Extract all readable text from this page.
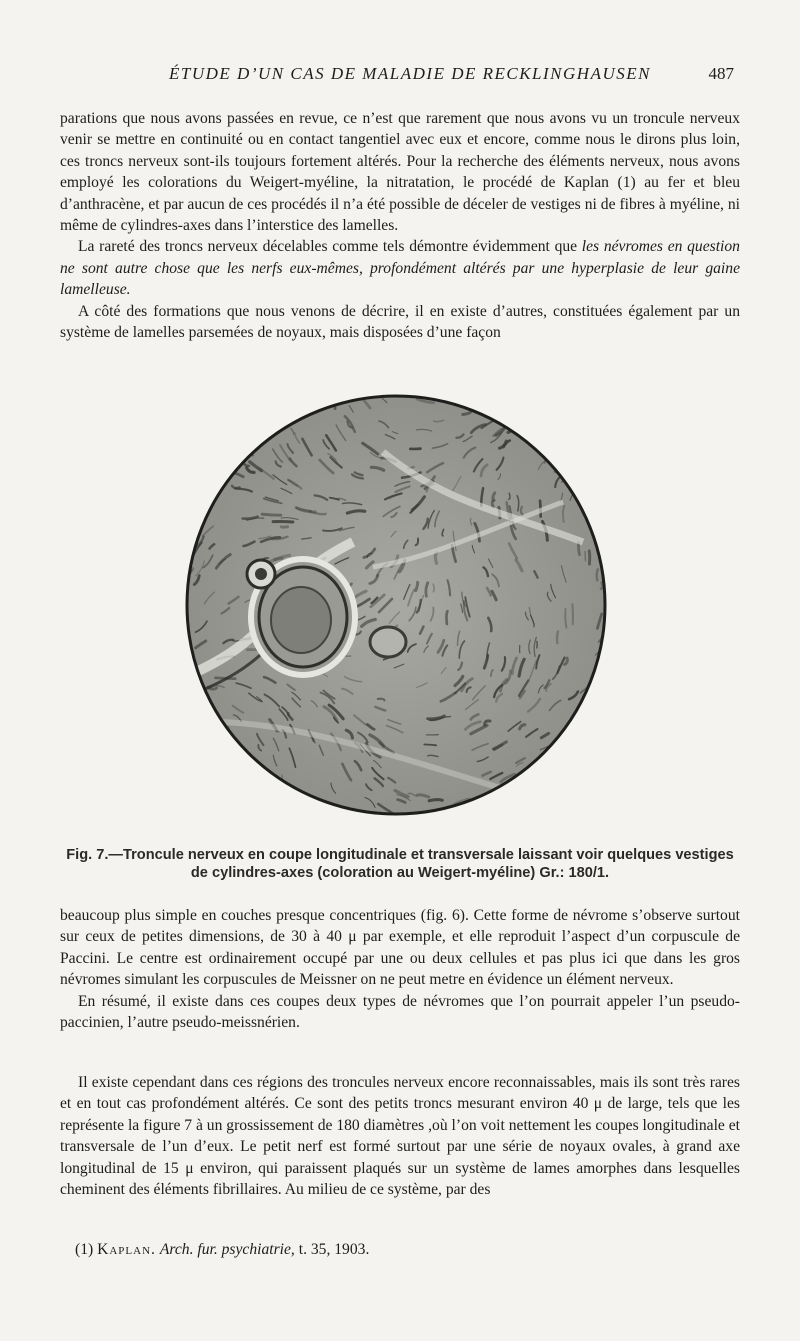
ÉTUDE D’UN CAS DE MALADIE DE RECKLINGHAUSEN	487

parations que nous avons passées en revue, ce n’est que rarement que nous avons vu un troncule nerveux venir se mettre en continuité ou en contact tangentiel avec eux et encore, comme nous le dirons plus loin, ces troncs nerveux sont-ils toujours fortement altérés. Pour la recherche des éléments nerveux, nous avons employé les colorations du Weigert-myéline, la nitratation, le procédé de Kaplan (1) au fer et bleu d’anthracène, et par aucun de ces procédés il n’a été possible de déceler de vestiges ni de fibres à myéline, ni même de cylindres-axes dans l’interstice des lamelles.

La rareté des troncs nerveux décelables comme tels démontre évidemment que les névromes en question ne sont autre chose que les nerfs eux-mêmes, profondément altérés par une hyperplasie de leur gaine lamelleuse.

A côté des formations que nous venons de décrire, il en existe d’autres, constituées également par un système de lamelles parsemées de noyaux, mais disposées d’une façon

Fig. 7.—Troncule nerveux en coupe longitudinale et transversale laissant voir quelques vestiges
de cylindres-axes (coloration au Weigert-myéline) Gr.: 180/1.

beaucoup plus simple en couches presque concentriques (fig. 6). Cette forme de névrome s’observe surtout sur ceux de petites dimensions, de 30 à 40 μ par exemple, et elle reproduit l’aspect d’un corpuscule de Paccini. Le centre est ordinairement occupé par une ou deux cellules et pas plus ici que dans les gros névromes simulant les corpuscules de Meissner on ne peut metre en évidence un élément nerveux.

En résumé, il existe dans ces coupes deux types de névromes que l’on pourrait appeler l’un pseudo-paccinien, l’autre pseudo-meissnérien.

Il existe cependant dans ces régions des troncules nerveux encore reconnaissables, mais ils sont très rares et en tout cas profondément altérés. Ce sont des petits troncs mesurant environ 40 μ de large, tels que les représente la figure 7 à un grossissement de 180 diamètres ,où l’on voit nettement les coupes longitudinale et transversale de l’un d’eux. Le petit nerf est formé surtout par une série de noyaux ovales, à grand axe longitudinal de 15 μ environ, qui paraissent plaqués sur un système de lames amorphes dans lesquelles cheminent des éléments fibrillaires. Au milieu de ce système, par des

(1) Kaplan. Arch. fur. psychiatrie, t. 35, 1903.
